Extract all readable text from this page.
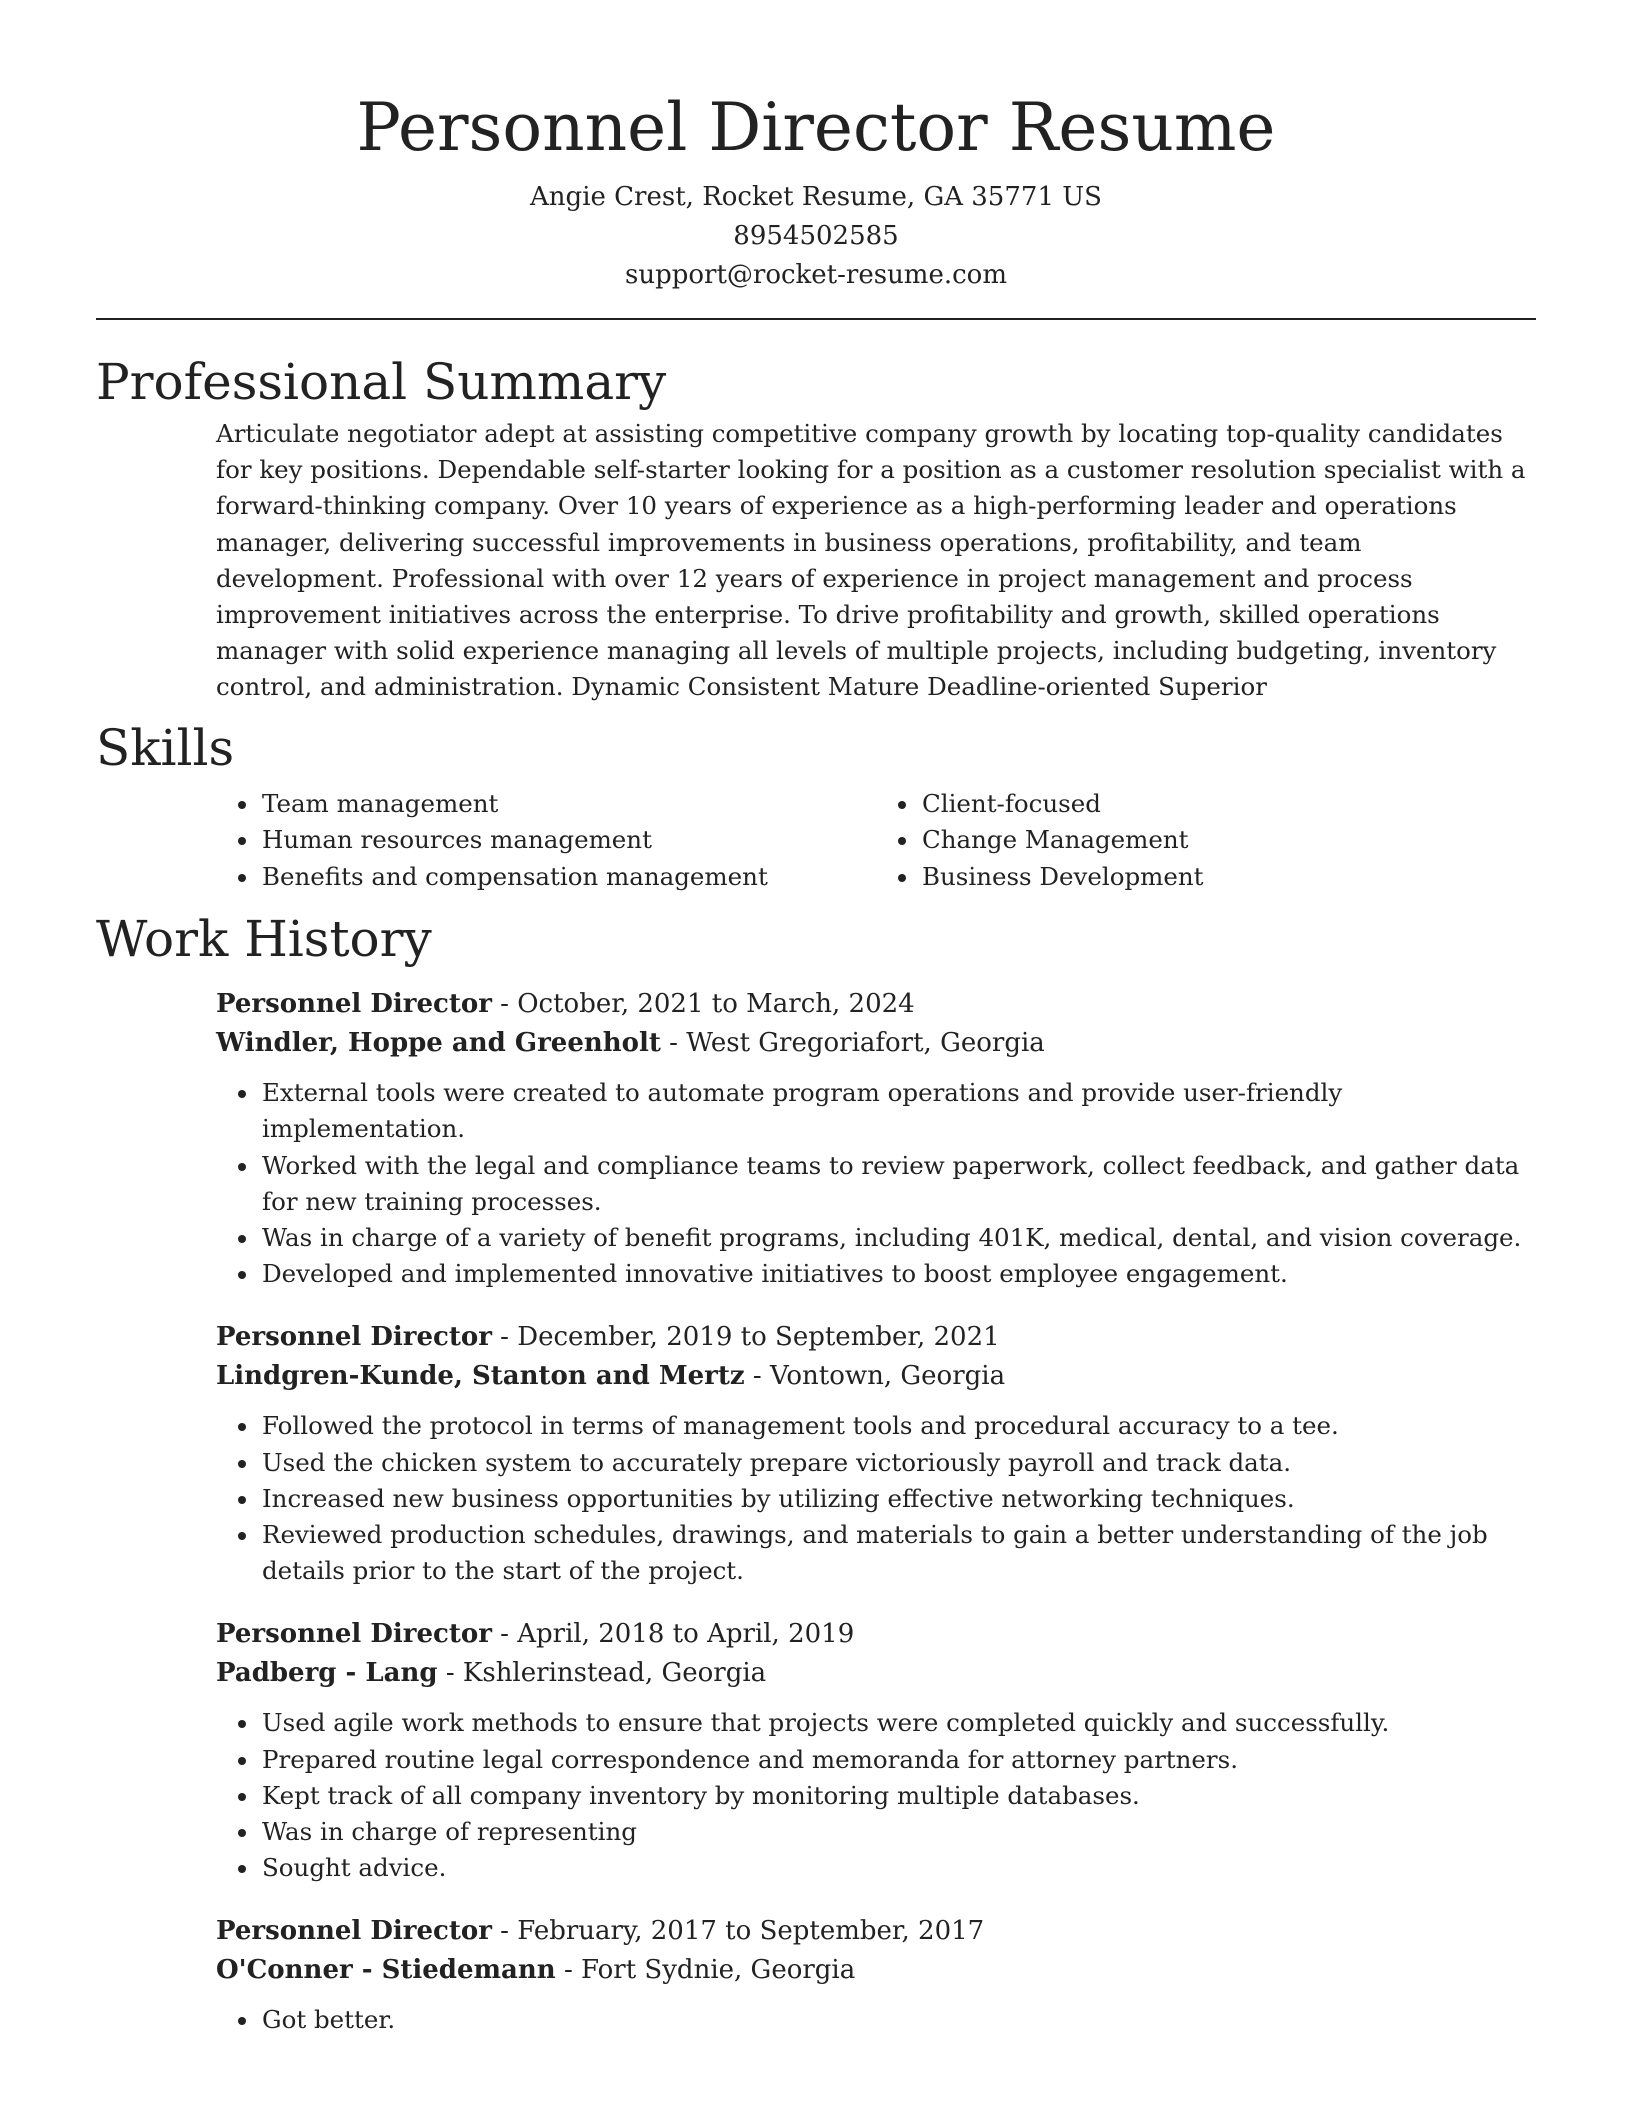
Personnel Director Resume
Angie Crest, Rocket Resume, GA 35771 US
8954502585
support@rocket-resume.com
Professional Summary
Articulate negotiator adept at assisting competitive company growth by locating top-quality candidates for key positions. Dependable self-starter looking for a position as a customer resolution specialist with a forward-thinking company. Over 10 years of experience as a high-performing leader and operations manager, delivering successful improvements in business operations, profitability, and team development. Professional with over 12 years of experience in project management and process improvement initiatives across the enterprise. To drive profitability and growth, skilled operations manager with solid experience managing all levels of multiple projects, including budgeting, inventory control, and administration. Dynamic Consistent Mature Deadline-oriented Superior
Skills
• Team management
• Human resources management
• Benefits and compensation management
• Client-focused
• Change Management
• Business Development
Work History
Personnel Director - October, 2021 to March, 2024
Windler, Hoppe and Greenholt - West Gregoriafort, Georgia
• External tools were created to automate program operations and provide user-friendly implementation.
• Worked with the legal and compliance teams to review paperwork, collect feedback, and gather data for new training processes.
• Was in charge of a variety of benefit programs, including 401K, medical, dental, and vision coverage.
• Developed and implemented innovative initiatives to boost employee engagement.
Personnel Director - December, 2019 to September, 2021
Lindgren-Kunde, Stanton and Mertz - Vontown, Georgia
• Followed the protocol in terms of management tools and procedural accuracy to a tee.
• Used the chicken system to accurately prepare victoriously payroll and track data.
• Increased new business opportunities by utilizing effective networking techniques.
• Reviewed production schedules, drawings, and materials to gain a better understanding of the job details prior to the start of the project.
Personnel Director - April, 2018 to April, 2019
Padberg - Lang - Kshlerinstead, Georgia
• Used agile work methods to ensure that projects were completed quickly and successfully.
• Prepared routine legal correspondence and memoranda for attorney partners.
• Kept track of all company inventory by monitoring multiple databases.
• Was in charge of representing
• Sought advice.
Personnel Director - February, 2017 to September, 2017
O'Conner - Stiedemann - Fort Sydnie, Georgia
• Got better.
